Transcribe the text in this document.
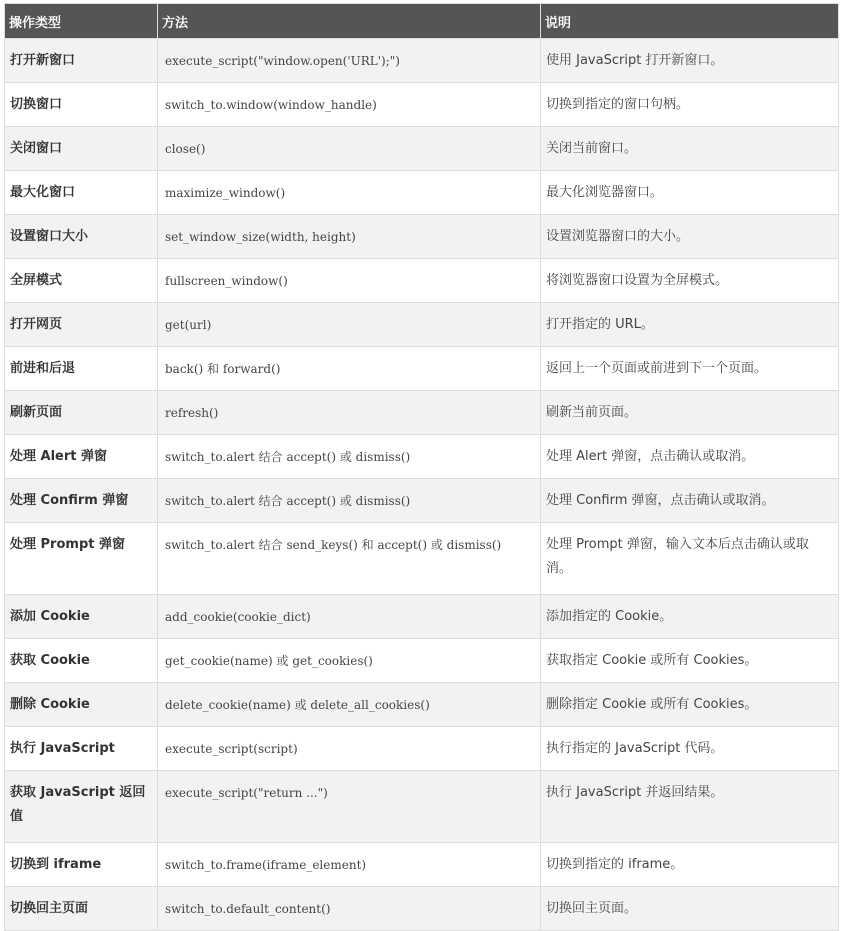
操作类型	方法	说明
打开新窗口	execute_script("window.open('URL');")	使用 JavaScript 打开新窗口。
切换窗口	switch_to.window(window_handle)	切换到指定的窗口句柄。
关闭窗口	close()	关闭当前窗口。
最大化窗口	maximize_window()	最大化浏览器窗口。
设置窗口大小	set_window_size(width, height)	设置浏览器窗口的大小。
全屏模式	fullscreen_window()	将浏览器窗口设置为全屏模式。
打开网页	get(url)	打开指定的 URL。
前进和后退	back() 和 forward()	返回上一个页面或前进到下一个页面。
刷新页面	refresh()	刷新当前页面。
处理 Alert 弹窗	switch_to.alert 结合 accept() 或 dismiss()	处理 Alert 弹窗，点击确认或取消。
处理 Confirm 弹窗	switch_to.alert 结合 accept() 或 dismiss()	处理 Confirm 弹窗，点击确认或取消。
处理 Prompt 弹窗	switch_to.alert 结合 send_keys() 和 accept() 或 dismiss()	处理 Prompt 弹窗，输入文本后点击确认或取消。
添加 Cookie	add_cookie(cookie_dict)	添加指定的 Cookie。
获取 Cookie	get_cookie(name) 或 get_cookies()	获取指定 Cookie 或所有 Cookies。
删除 Cookie	delete_cookie(name) 或 delete_all_cookies()	删除指定 Cookie 或所有 Cookies。
执行 JavaScript	execute_script(script)	执行指定的 JavaScript 代码。
获取 JavaScript 返回值	execute_script("return ...")	执行 JavaScript 并返回结果。
切换到 iframe	switch_to.frame(iframe_element)	切换到指定的 iframe。
切换回主页面	switch_to.default_content()	切换回主页面。
